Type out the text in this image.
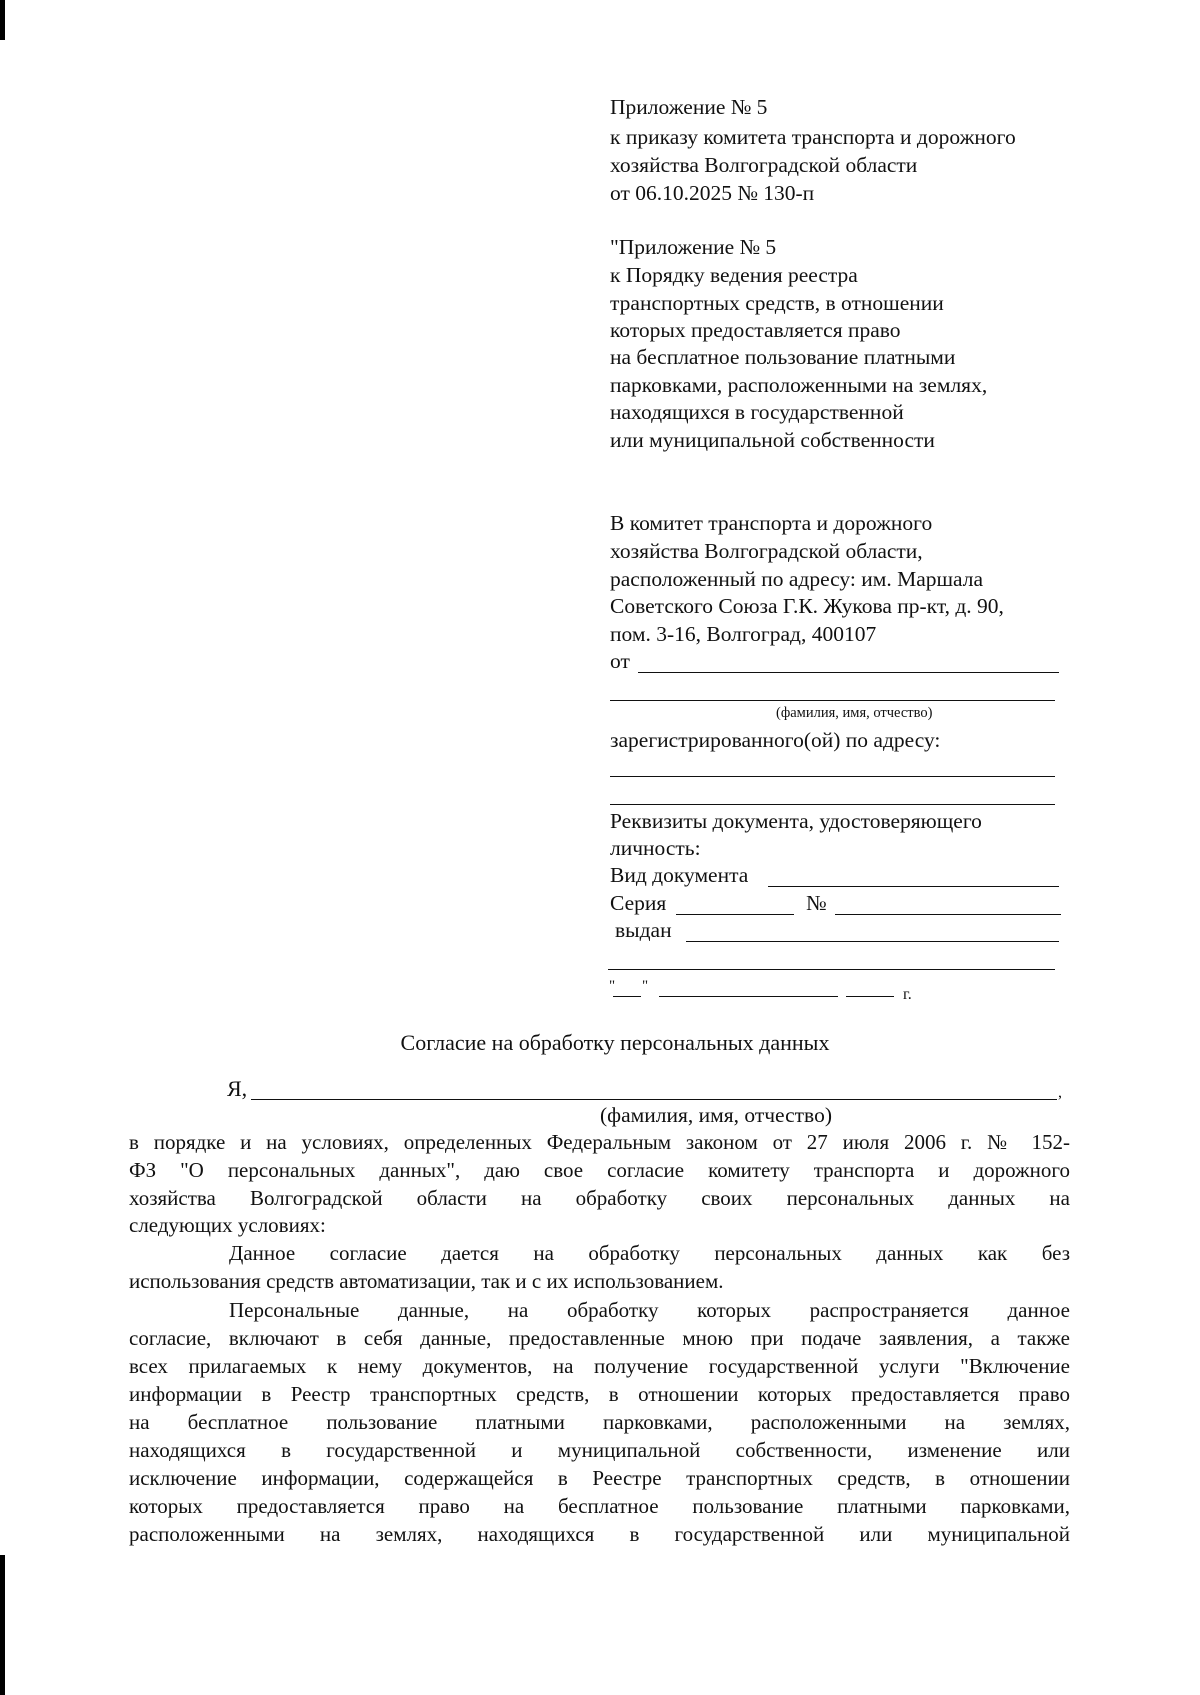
Приложение № 5
к приказу комитета транспорта и дорожного
хозяйства Волгоградской области
от 06.10.2025 № 130-п
"Приложение № 5
к Порядку ведения реестра
транспортных средств, в отношении
которых предоставляется право
на бесплатное пользование платными
парковками, расположенными на землях,
находящихся в государственной
или муниципальной собственности
В комитет транспорта и дорожного
хозяйства Волгоградской области,
расположенный по адресу: им. Маршала
Советского Союза Г.К. Жукова пр-кт, д. 90,
пом. 3-16, Волгоград, 400107
от
(фамилия, имя, отчество)
зарегистрированного(ой) по адресу:
Реквизиты документа, удостоверяющего
личность:
Вид документа
Серия	№
выдан
" "	г.
Согласие на обработку персональных данных
Я,	,
(фамилия, имя, отчество)
в порядке и на условиях, определенных Федеральным законом от 27 июля 2006 г. № 152-
ФЗ "О персональных данных", даю свое согласие комитету транспорта и дорожного
хозяйства Волгоградской области на обработку своих персональных данных на
следующих условиях:
Данное согласие дается на обработку персональных данных как без
использования средств автоматизации, так и с их использованием.
Персональные данные, на обработку которых распространяется данное
согласие, включают в себя данные, предоставленные мною при подаче заявления, а также
всех прилагаемых к нему документов, на получение государственной услуги "Включение
информации в Реестр транспортных средств, в отношении которых предоставляется право
на бесплатное пользование платными парковками, расположенными на землях,
находящихся в государственной и муниципальной собственности, изменение или
исключение информации, содержащейся в Реестре транспортных средств, в отношении
которых предоставляется право на бесплатное пользование платными парковками,
расположенными на землях, находящихся в государственной или муниципальной
